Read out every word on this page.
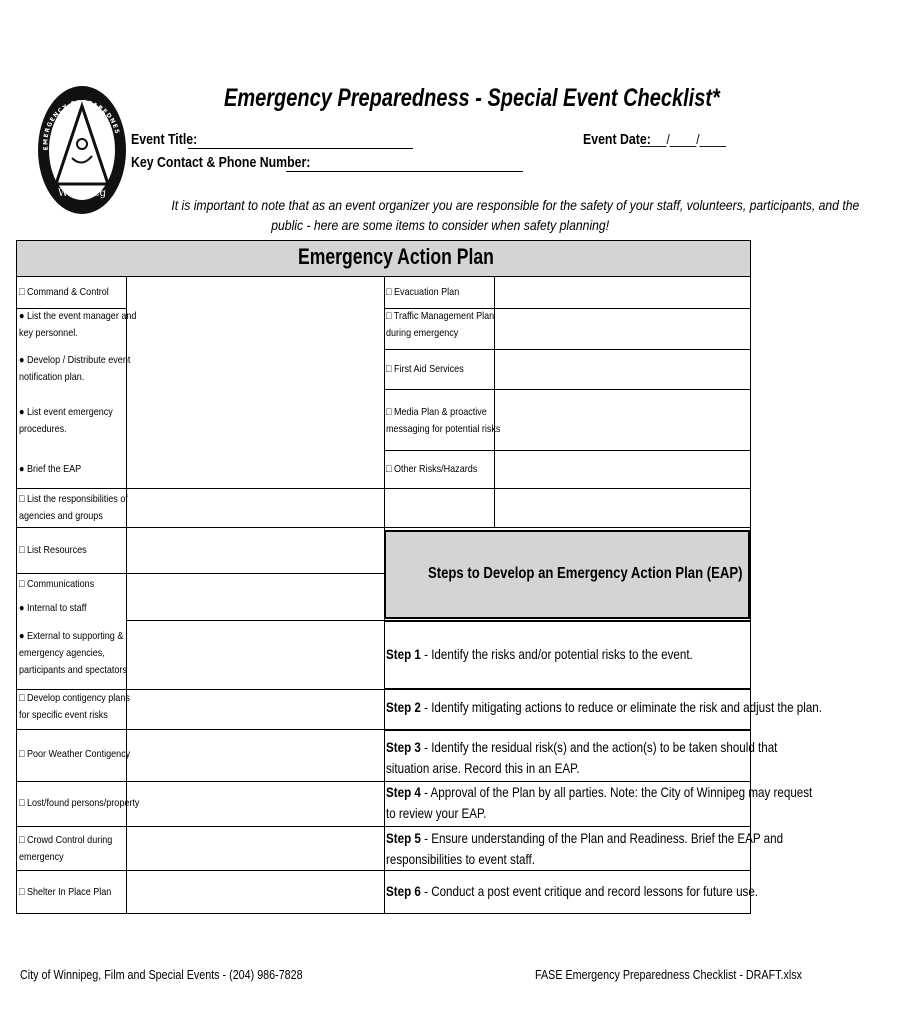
Winnipeg
EMERGENCY PREPAREDNES
Emergency Preparedness - Special Event Checklist*
Event Title:	Event Date:
____/____/____
Key Contact & Phone Number:
It is important to note that as an event organizer you are responsible for the safety of your staff, volunteers, participants, and the
public - here are some items to consider when safety planning!
Emergency Action Plan
□ Command & Control
● List the event manager and
key personnel.
● Develop / Distribute event
notification plan.
● List event emergency
procedures.
● Brief the EAP
□ List the responsibilities of
agencies and groups
□ List Resources
□ Communications
● Internal to staff
● External to supporting &
emergency agencies,
participants and spectators
□ Develop contigency plans
for specific event risks
□ Poor Weather Contigency
□ Lost/found persons/property
□ Crowd Control during
emergency
□ Shelter In Place Plan
□ Evacuation Plan
□ Traffic Management Plan
during emergency
□ First Aid Services
□ Media Plan & proactive
messaging for potential risks
□ Other Risks/Hazards
Steps to Develop an Emergency Action Plan (EAP)
Step 1 - Identify the risks and/or potential risks to the event.
Step 2 - Identify mitigating actions to reduce or eliminate the risk and adjust the plan.
Step 3 - Identify the residual risk(s) and the action(s) to be taken should that
situation arise. Record this in an EAP.
Step 4 - Approval of the Plan by all parties. Note: the City of Winnipeg may request
to review your EAP.
Step 5 - Ensure understanding of the Plan and Readiness. Brief the EAP and
responsibilities to event staff.
Step 6 - Conduct a post event critique and record lessons for future use.
City of Winnipeg, Film and Special Events - (204) 986-7828	FASE Emergency Preparedness Checklist - DRAFT.xlsx
